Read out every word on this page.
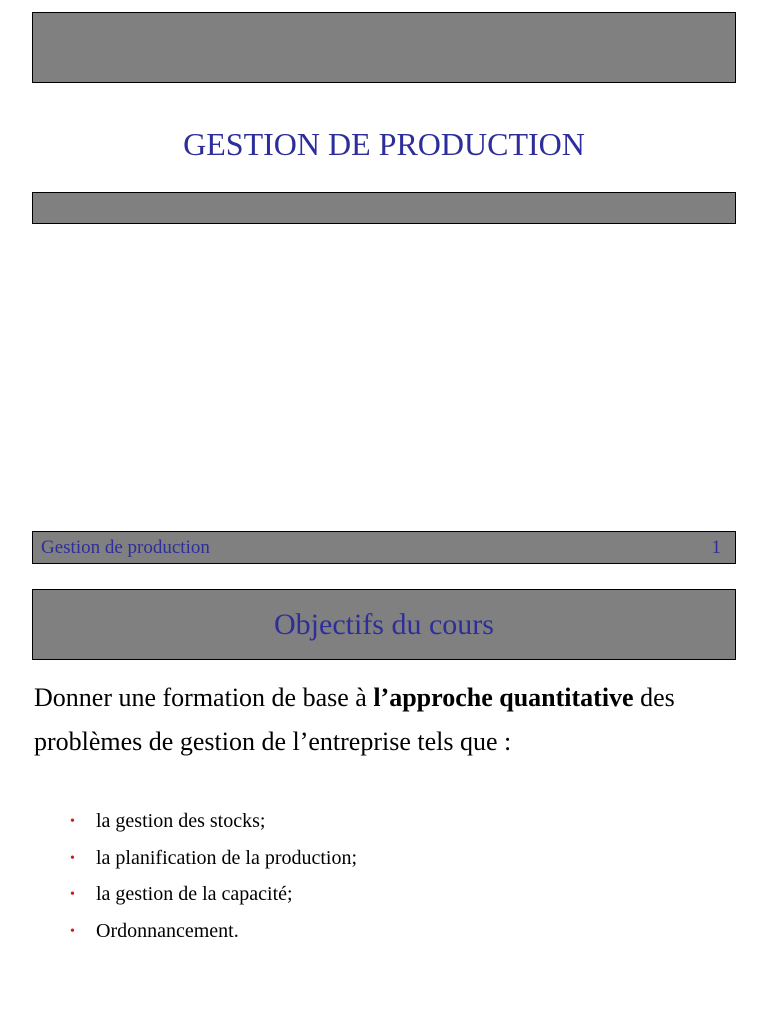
GESTION DE PRODUCTION
Gestion de production	1
Objectifs du cours

Donner une formation de base à l’approche quantitative des problèmes de gestion de l’entreprise tels que :

•	la gestion des stocks;
•	la planification de la production;
•	la gestion de la capacité;
•	Ordonnancement.
